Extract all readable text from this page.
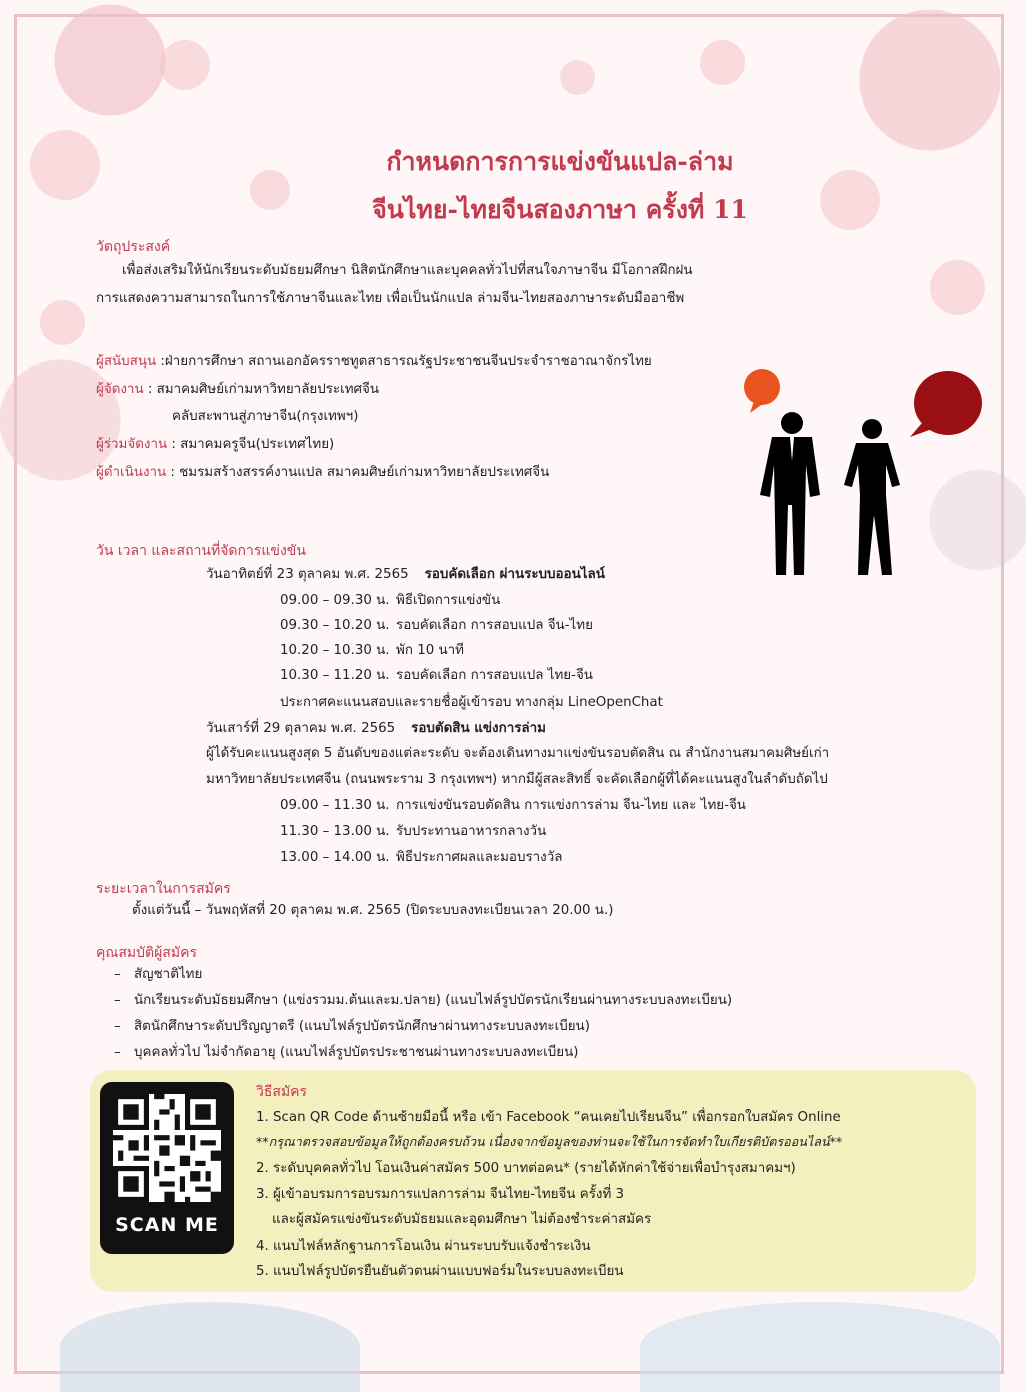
กำหนดการการแข่งขันแปล-ล่าม
จีนไทย-ไทยจีนสองภาษา ครั้งที่ 11
วัตถุประสงค์
เพื่อส่งเสริมให้นักเรียนระดับมัธยมศึกษา นิสิตนักศึกษาและบุคคลทั่วไปที่สนใจภาษาจีน มีโอกาสฝึกฝน
การแสดงความสามารถในการใช้ภาษาจีนและไทย เพื่อเป็นนักแปล ล่ามจีน-ไทยสองภาษาระดับมืออาชีพ
ผู้สนับสนุน :ฝ่ายการศึกษา สถานเอกอัครราชทูตสาธารณรัฐประชาชนจีนประจำราชอาณาจักรไทย
ผู้จัดงาน : สมาคมศิษย์เก่ามหาวิทยาลัยประเทศจีน
คลับสะพานสู่ภาษาจีน(กรุงเทพฯ)
ผู้ร่วมจัดงาน : สมาคมครูจีน(ประเทศไทย)
ผู้ดำเนินงาน : ชมรมสร้างสรรค์งานแปล สมาคมศิษย์เก่ามหาวิทยาลัยประเทศจีน
วัน เวลา และสถานที่จัดการแข่งขัน
วันอาทิตย์ที่ 23 ตุลาคม พ.ศ. 2565 รอบคัดเลือก ผ่านระบบออนไลน์
09.00 – 09.30 น. พิธีเปิดการแข่งขัน
09.30 – 10.20 น. รอบคัดเลือก การสอบแปล จีน-ไทย
10.20 – 10.30 น. พัก 10 นาที
10.30 – 11.20 น. รอบคัดเลือก การสอบแปล ไทย-จีน
ประกาศคะแนนสอบและรายชื่อผู้เข้ารอบ ทางกลุ่ม LineOpenChat
วันเสาร์ที่ 29 ตุลาคม พ.ศ. 2565 รอบตัดสิน แข่งการล่าม
ผู้ได้รับคะแนนสูงสุด 5 อันดับของแต่ละระดับ จะต้องเดินทางมาแข่งขันรอบตัดสิน ณ สำนักงานสมาคมศิษย์เก่า
มหาวิทยาลัยประเทศจีน (ถนนพระราม 3 กรุงเทพฯ) หากมีผู้สละสิทธิ์ จะคัดเลือกผู้ที่ได้คะแนนสูงในลำดับถัดไป
09.00 – 11.30 น. การแข่งขันรอบตัดสิน การแข่งการล่าม จีน-ไทย และ ไทย-จีน
11.30 – 13.00 น. รับประทานอาหารกลางวัน
13.00 – 14.00 น. พิธีประกาศผลและมอบรางวัล
ระยะเวลาในการสมัคร
ตั้งแต่วันนี้ – วันพฤหัสที่ 20 ตุลาคม พ.ศ. 2565 (ปิดระบบลงทะเบียนเวลา 20.00 น.)
คุณสมบัติผู้สมัคร
– สัญชาติไทย
– นักเรียนระดับมัธยมศึกษา (แข่งรวมม.ต้นและม.ปลาย) (แนบไฟล์รูปบัตรนักเรียนผ่านทางระบบลงทะเบียน)
– สิตนักศึกษาระดับปริญญาตรี (แนบไฟล์รูปบัตรนักศึกษาผ่านทางระบบลงทะเบียน)
– บุคคลทั่วไป ไม่จำกัดอายุ (แนบไฟล์รูปบัตรประชาชนผ่านทางระบบลงทะเบียน)
SCAN ME
วิธีสมัคร
1. Scan QR Code ด้านซ้ายมือนี้ หรือ เข้า Facebook “คนเคยไปเรียนจีน” เพื่อกรอกใบสมัคร Online
**กรุณาตรวจสอบข้อมูลให้ถูกต้องครบถ้วน เนื่องจากข้อมูลของท่านจะใช้ในการจัดทำใบเกียรติบัตรออนไลน์**
2. ระดับบุคคลทั่วไป โอนเงินค่าสมัคร 500 บาทต่อคน* (รายได้หักค่าใช้จ่ายเพื่อบำรุงสมาคมฯ)
3. ผู้เข้าอบรมการอบรมการแปลการล่าม จีนไทย-ไทยจีน ครั้งที่ 3
และผู้สมัครแข่งขันระดับมัธยมและอุดมศึกษา ไม่ต้องชำระค่าสมัคร
4. แนบไฟล์หลักฐานการโอนเงิน ผ่านระบบรับแจ้งชำระเงิน
5. แนบไฟล์รูปบัตรยืนยันตัวตนผ่านแบบฟอร์มในระบบลงทะเบียน
